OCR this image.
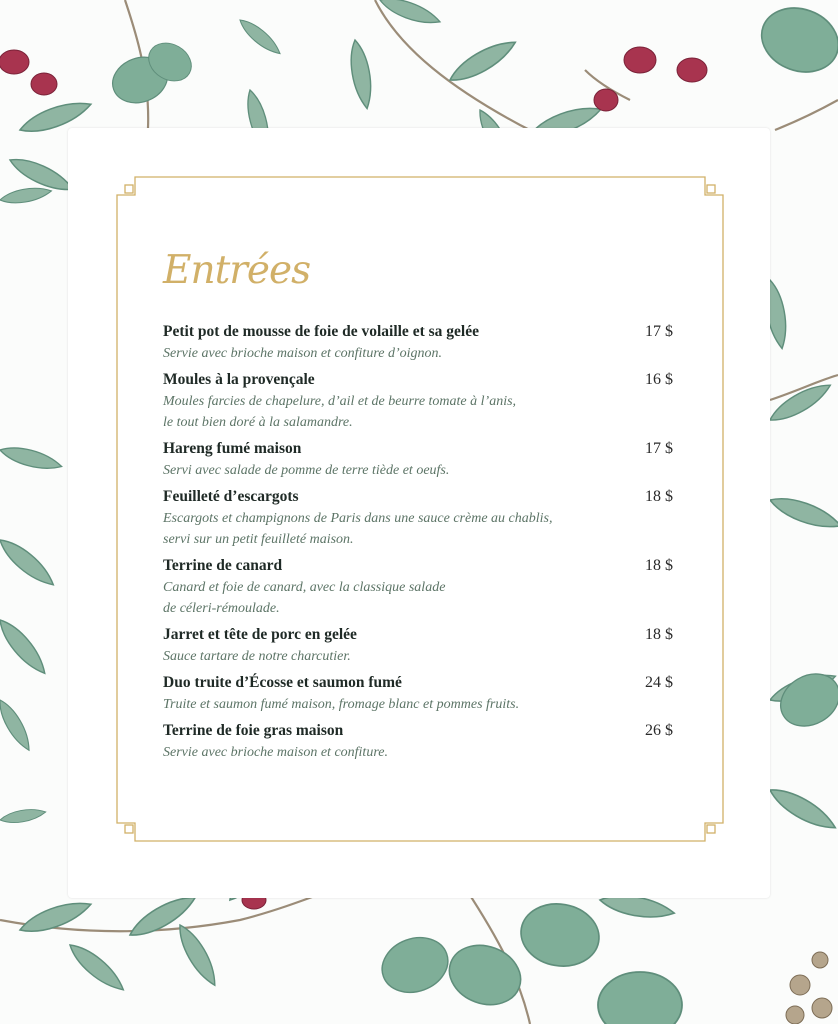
Entrées
Petit pot de mousse de foie de volaille et sa gelée	17 $
Servie avec brioche maison et confiture d’oignon.
Moules à la provençale	16 $
Moules farcies de chapelure, d’ail et de beurre tomate à l’anis,
le tout bien doré à la salamandre.
Hareng fumé maison	17 $
Servi avec salade de pomme de terre tiède et oeufs.
Feuilleté d’escargots	18 $
Escargots et champignons de Paris dans une sauce crème au chablis,
servi sur un petit feuilleté maison.
Terrine de canard	18 $
Canard et foie de canard, avec la classique salade
de céleri-rémoulade.
Jarret et tête de porc en gelée	18 $
Sauce tartare de notre charcutier.
Duo truite d’Écosse et saumon fumé	24 $
Truite et saumon fumé maison, fromage blanc et pommes fruits.
Terrine de foie gras maison	26 $
Servie avec brioche maison et confiture.
